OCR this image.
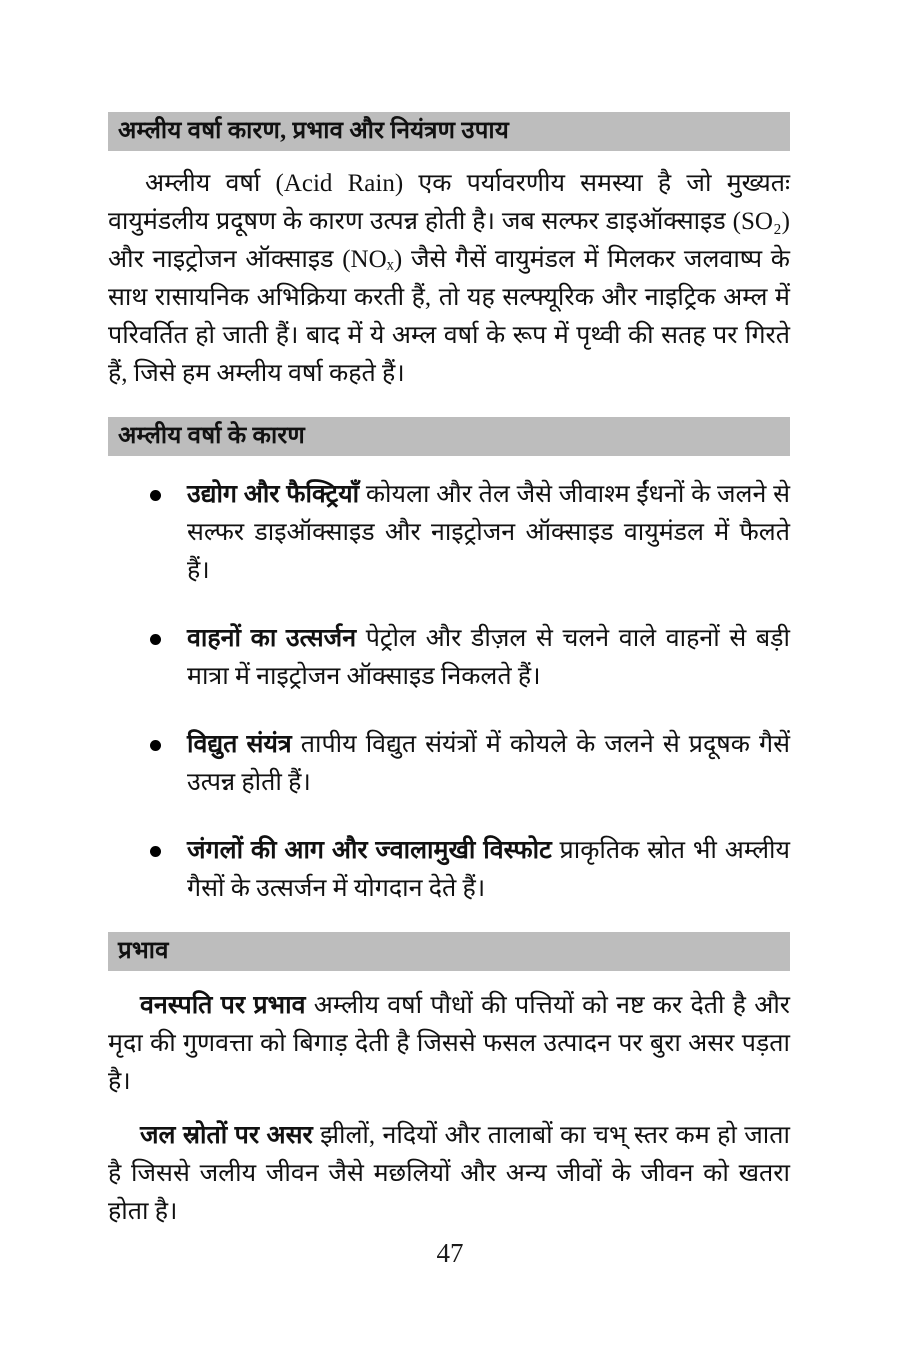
अम्लीय वर्षा कारण, प्रभाव और नियंत्रण उपाय

अम्लीय वर्षा (Acid Rain) एक पर्यावरणीय समस्या है जो मुख्यतः वायुमंडलीय प्रदूषण के कारण उत्पन्न होती है। जब सल्फर डाइऑक्साइड (SO₂) और नाइट्रोजन ऑक्साइड (NOₓ) जैसे गैसें वायुमंडल में मिलकर जलवाष्प के साथ रासायनिक अभिक्रिया करती हैं, तो यह सल्फ्यूरिक और नाइट्रिक अम्ल में परिवर्तित हो जाती हैं। बाद में ये अम्ल वर्षा के रूप में पृथ्वी की सतह पर गिरते हैं, जिसे हम अम्लीय वर्षा कहते हैं।

अम्लीय वर्षा के कारण
उद्योग और फैक्ट्रियाँ कोयला और तेल जैसे जीवाश्म ईंधनों के जलने से सल्फर डाइऑक्साइड और नाइट्रोजन ऑक्साइड वायुमंडल में फैलते हैं।
वाहनों का उत्सर्जन पेट्रोल और डीज़ल से चलने वाले वाहनों से बड़ी मात्रा में नाइट्रोजन ऑक्साइड निकलते हैं।
विद्युत संयंत्र तापीय विद्युत संयंत्रों में कोयले के जलने से प्रदूषक गैसें उत्पन्न होती हैं।
जंगलों की आग और ज्वालामुखी विस्फोट प्राकृतिक स्रोत भी अम्लीय गैसों के उत्सर्जन में योगदान देते हैं।
प्रभाव

वनस्पति पर प्रभाव अम्लीय वर्षा पौधों की पत्तियों को नष्ट कर देती है और मृदा की गुणवत्ता को बिगाड़ देती है जिससे फसल उत्पादन पर बुरा असर पड़ता है।

जल स्रोतों पर असर झीलों, नदियों और तालाबों का चभ् स्तर कम हो जाता है जिससे जलीय जीवन जैसे मछलियों और अन्य जीवों के जीवन को खतरा होता है।

47
